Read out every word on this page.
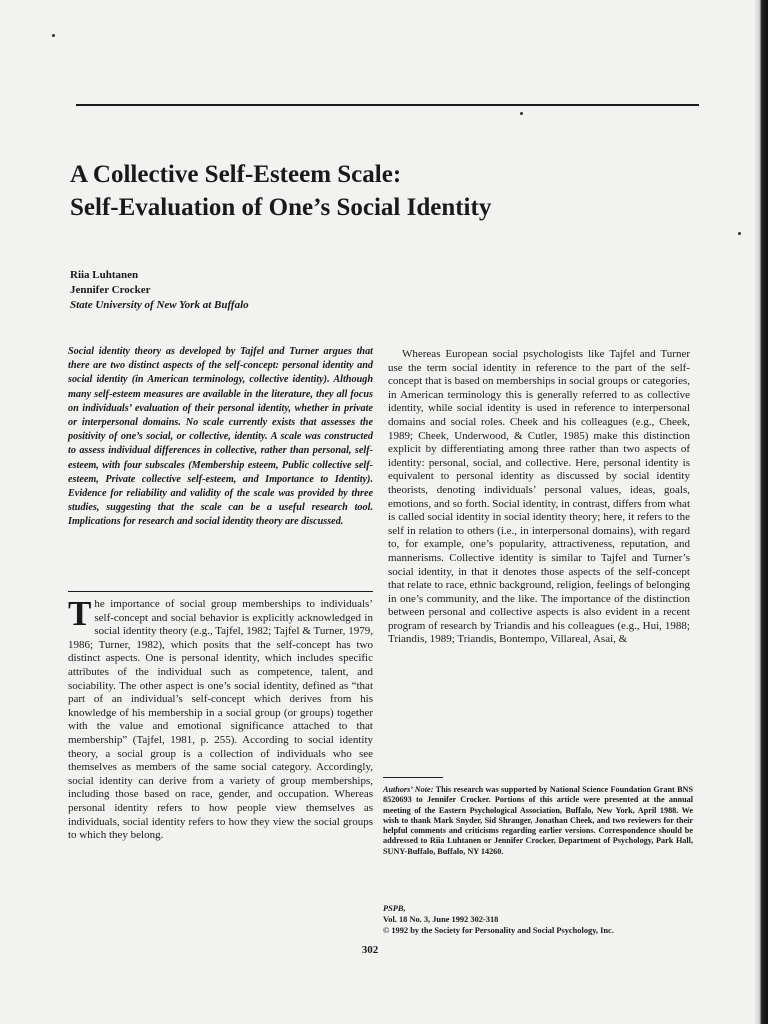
A Collective Self-Esteem Scale:
Self-Evaluation of One’s Social Identity
Riia Luhtanen
Jennifer Crocker
State University of New York at Buffalo

Social identity theory as developed by Tajfel and Turner argues that there are two distinct aspects of the self-concept: personal identity and social identity (in American terminology, collective identity). Although many self-esteem measures are available in the literature, they all focus on individuals’ evaluation of their personal identity, whether in private or interpersonal domains. No scale currently exists that assesses the positivity of one’s social, or collective, identity. A scale was constructed to assess individual differences in collective, rather than personal, self-esteem, with four subscales (Membership esteem, Public collective self-esteem, Private collective self-esteem, and Importance to Identity). Evidence for reliability and validity of the scale was provided by three studies, suggesting that the scale can be a useful research tool. Implications for research and social identity theory are discussed.

The importance of social group memberships to individuals’ self-concept and social behavior is explicitly acknowledged in social identity theory (e.g., Tajfel, 1982; Tajfel & Turner, 1979, 1986; Turner, 1982), which posits that the self-concept has two distinct aspects. One is personal identity, which includes specific attributes of the individual such as competence, talent, and sociability. The other aspect is one’s social identity, defined as “that part of an individual’s self-concept which derives from his knowledge of his membership in a social group (or groups) together with the value and emotional significance attached to that membership” (Tajfel, 1981, p. 255). According to social identity theory, a social group is a collection of individuals who see themselves as members of the same social category. Accordingly, social identity can derive from a variety of group memberships, including those based on race, gender, and occupation. Whereas personal identity refers to how people view themselves as individuals, social identity refers to how they view the social groups to which they belong.

Whereas European social psychologists like Tajfel and Turner use the term social identity in reference to the part of the self-concept that is based on memberships in social groups or categories, in American terminology this is generally referred to as collective identity, while social identity is used in reference to interpersonal domains and social roles. Cheek and his colleagues (e.g., Cheek, 1989; Cheek, Underwood, & Cutler, 1985) make this distinction explicit by differentiating among three rather than two aspects of identity: personal, social, and collective. Here, personal identity is equivalent to personal identity as discussed by social identity theorists, denoting individuals’ personal values, ideas, goals, emotions, and so forth. Social identity, in contrast, differs from what is called social identity in social identity theory; here, it refers to the self in relation to others (i.e., in interpersonal domains), with regard to, for example, one’s popularity, attractiveness, reputation, and mannerisms. Collective identity is similar to Tajfel and Turner’s social identity, in that it denotes those aspects of the self-concept that relate to race, ethnic background, religion, feelings of belonging in one’s community, and the like. The importance of the distinction between personal and collective aspects is also evident in a recent program of research by Triandis and his colleagues (e.g., Hui, 1988; Triandis, 1989; Triandis, Bontempo, Villareal, Asai, &

Authors’ Note: This research was supported by National Science Foundation Grant BNS 8520693 to Jennifer Crocker. Portions of this article were presented at the annual meeting of the Eastern Psychological Association, Buffalo, New York, April 1988. We wish to thank Mark Snyder, Sid Shrauger, Jonathan Cheek, and two reviewers for their helpful comments and criticisms regarding earlier versions. Correspondence should be addressed to Riia Luhtanen or Jennifer Crocker, Department of Psychology, Park Hall, SUNY-Buffalo, Buffalo, NY 14260.

PSPB,
Vol. 18 No. 3, June 1992 302-318
© 1992 by the Society for Personality and Social Psychology, Inc.
302
